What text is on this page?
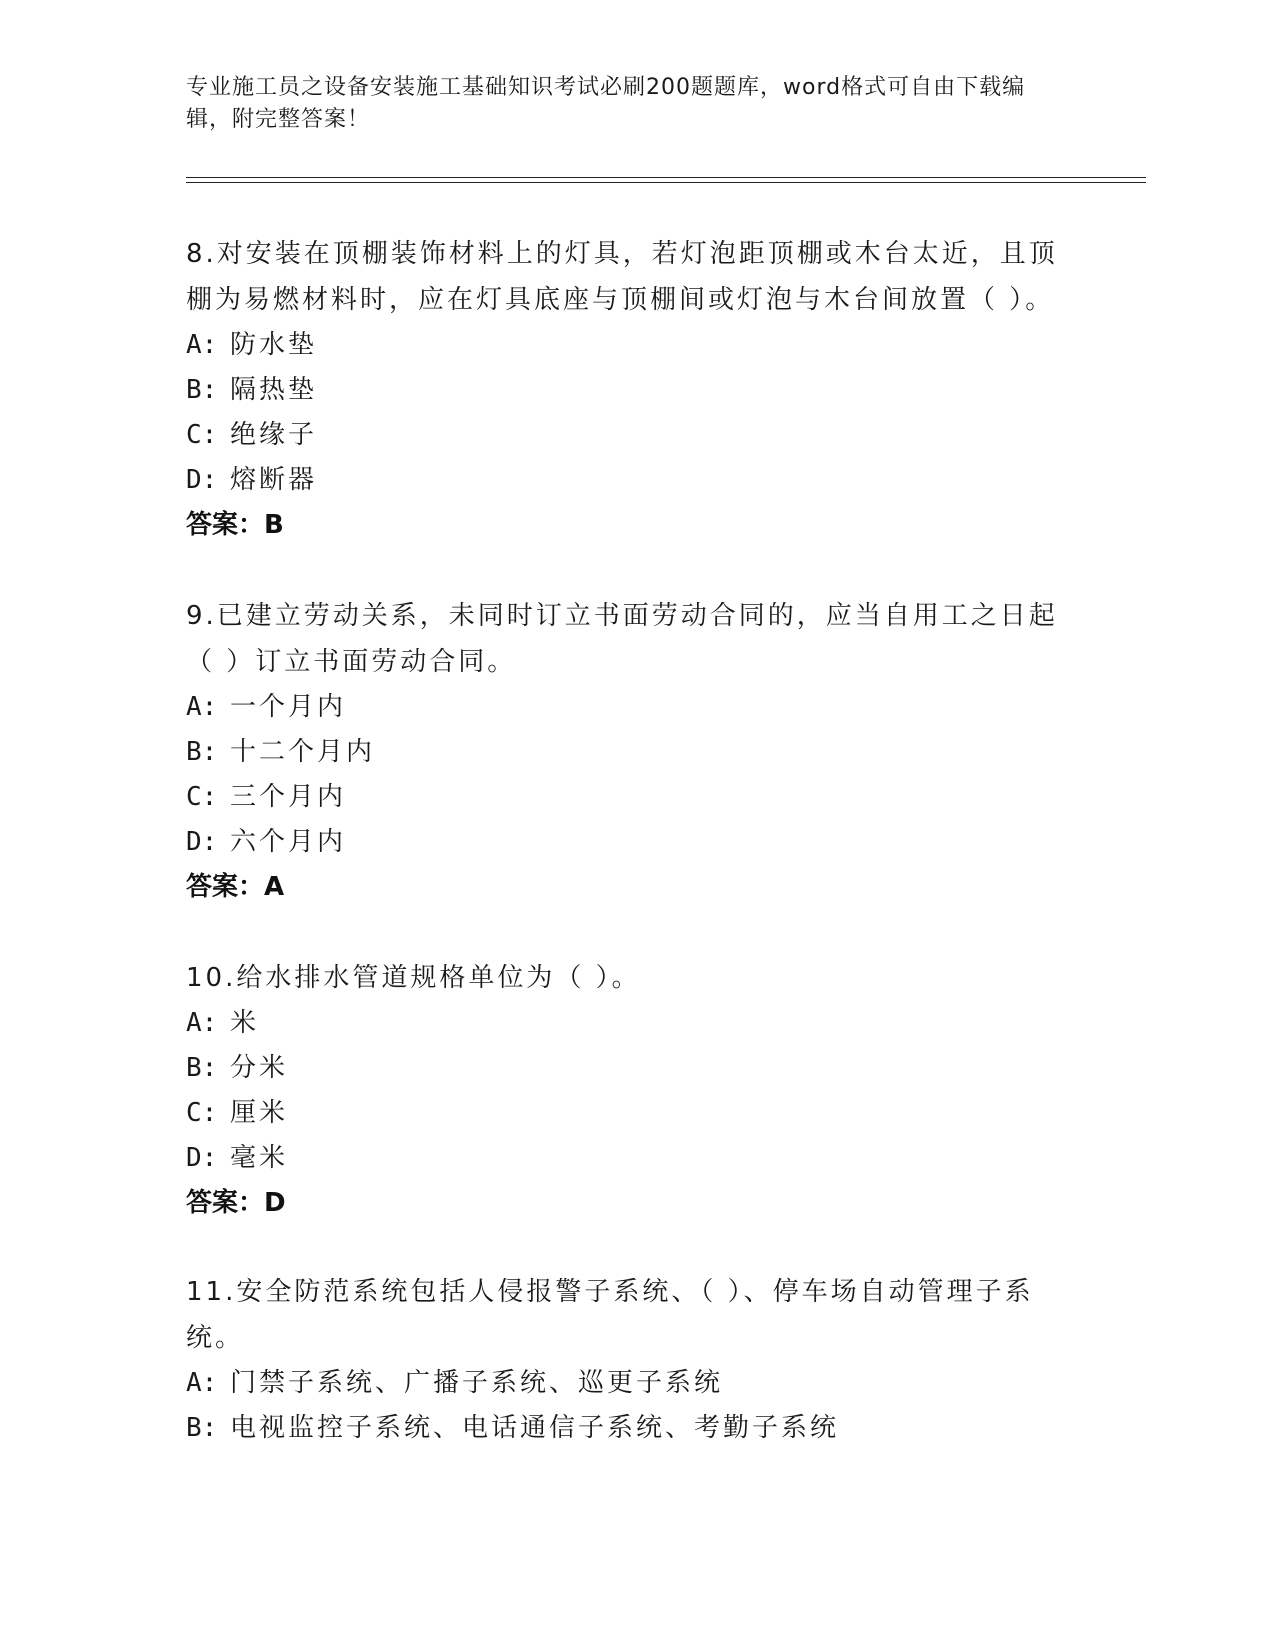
专业施工员之设备安装施工基础知识考试必刷200题题库，word格式可自由下载编辑，附完整答案！
8.对安装在顶棚装饰材料上的灯具，若灯泡距顶棚或木台太近，且顶棚为易燃材料时，应在灯具底座与顶棚间或灯泡与木台间放置（ ）。
A: 防水垫
B: 隔热垫
C: 绝缘子
D: 熔断器
答案：B
9.已建立劳动关系，未同时订立书面劳动合同的，应当自用工之日起（ ）订立书面劳动合同。
A: 一个月内
B: 十二个月内
C: 三个月内
D: 六个月内
答案：A
10.给水排水管道规格单位为（ ）。
A: 米
B: 分米
C: 厘米
D: 毫米
答案：D
11.安全防范系统包括人侵报警子系统、（ ）、停车场自动管理子系统。
A: 门禁子系统、广播子系统、巡更子系统
B: 电视监控子系统、电话通信子系统、考勤子系统
